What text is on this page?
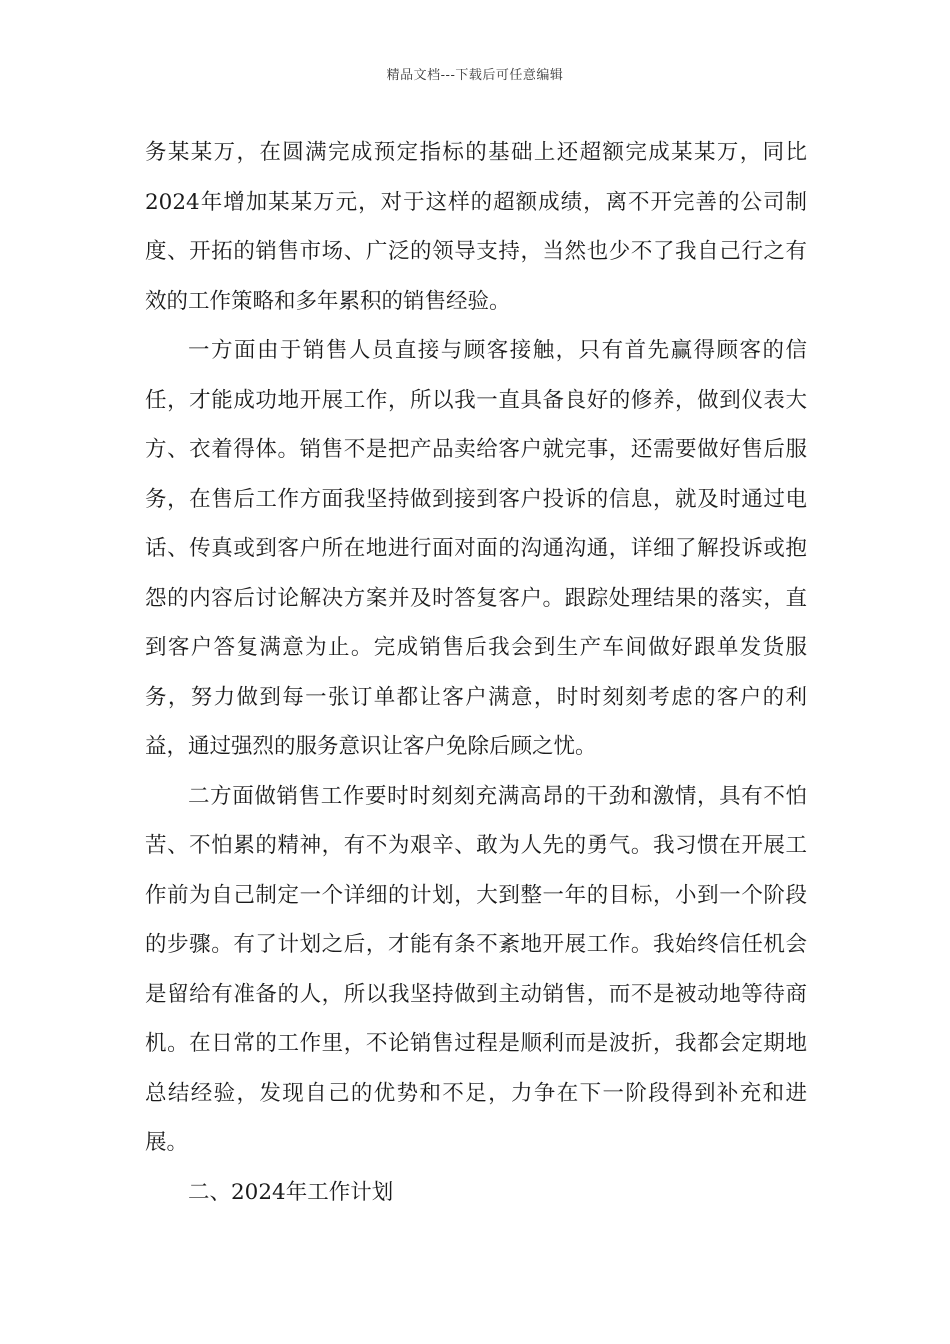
精品文档---下载后可任意编辑

务某某万，在圆满完成预定指标的基础上还超额完成某某万，同比2024年增加某某万元，对于这样的超额成绩，离不开完善的公司制度、开拓的销售市场、广泛的领导支持，当然也少不了我自己行之有效的工作策略和多年累积的销售经验。

一方面由于销售人员直接与顾客接触，只有首先赢得顾客的信任，才能成功地开展工作，所以我一直具备良好的修养，做到仪表大方、衣着得体。销售不是把产品卖给客户就完事，还需要做好售后服务，在售后工作方面我坚持做到接到客户投诉的信息，就及时通过电话、传真或到客户所在地进行面对面的沟通沟通，详细了解投诉或抱怨的内容后讨论解决方案并及时答复客户。跟踪处理结果的落实，直到客户答复满意为止。完成销售后我会到生产车间做好跟单发货服务，努力做到每一张订单都让客户满意，时时刻刻考虑的客户的利益，通过强烈的服务意识让客户免除后顾之忧。

二方面做销售工作要时时刻刻充满高昂的干劲和激情，具有不怕苦、不怕累的精神，有不为艰辛、敢为人先的勇气。我习惯在开展工作前为自己制定一个详细的计划，大到整一年的目标，小到一个阶段的步骤。有了计划之后，才能有条不紊地开展工作。我始终信任机会是留给有准备的人，所以我坚持做到主动销售，而不是被动地等待商机。在日常的工作里，不论销售过程是顺利而是波折，我都会定期地总结经验，发现自己的优势和不足，力争在下一阶段得到补充和进展。

二、2024年工作计划
